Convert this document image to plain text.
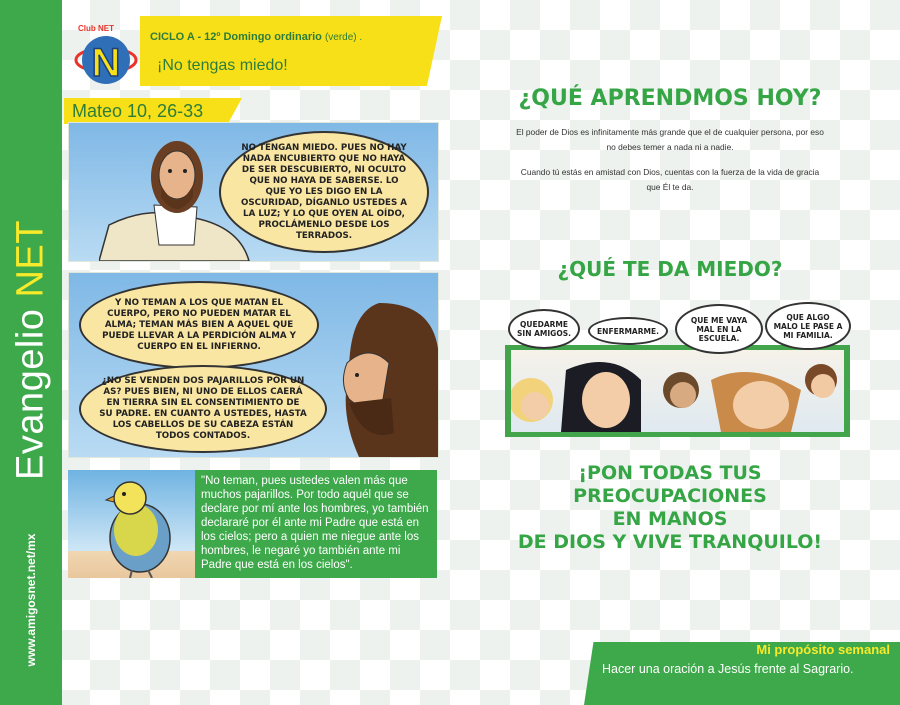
Evangelio NET
www.amigosnet.net/mx
N
Club NET
CICLO A - 12º Domingo ordinario (verde) .
¡No tengas miedo!
Mateo 10, 26-33
NO TENGAN MIEDO. PUES NO HAY NADA ENCUBIERTO QUE NO HAYA DE SER DESCUBIERTO, NI OCULTO QUE NO HAYA DE SABERSE. LO QUE YO LES DIGO EN LA OSCURIDAD, DÍGANLO USTEDES A LA LUZ; Y LO QUE OYEN AL OÍDO, PROCLÁMENLO DESDE LOS TERRADOS.
Y NO TEMAN A LOS QUE MATAN EL CUERPO, PERO NO PUEDEN MATAR EL ALMA; TEMAN MÁS BIEN A AQUEL QUE PUEDE LLEVAR A LA PERDICIÓN ALMA Y CUERPO EN EL INFIERNO.
¿NO SE VENDEN DOS PAJARILLOS POR UN AS? PUES BIEN, NI UNO DE ELLOS CAERÁ EN TIERRA SIN EL CONSENTIMIENTO DE SU PADRE. EN CUANTO A USTEDES, HASTA LOS CABELLOS DE SU CABEZA ESTÁN TODOS CONTADOS.
"No teman, pues ustedes valen más que muchos pajarillos. Por todo aquél que se declare por mí ante los hombres, yo también declararé por él ante mi Padre que está en los cielos; pero a quien me niegue ante los hombres, le negaré yo también ante mi Padre que está en los cielos".
¿QUÉ APRENDMOS HOY?
El poder de Dios es infinitamente más grande que el de cualquier persona, por eso no debes temer a nada ni a nadie.
Cuando tú estás en amistad con Dios, cuentas con la fuerza de la vida de gracia que Él te da.
¿QUÉ TE DA MIEDO?
QUEDARME SIN AMIGOS.	ENFERMARME.
QUE ME VAYA MAL EN LA ESCUELA.
QUE ALGO MALO LE PASE A MI FAMILIA.
¡PON TODAS TUS
PREOCUPACIONES
EN MANOS
DE DIOS Y VIVE TRANQUILO!
Mi propósito semanal
Hacer una oración a Jesús frente al Sagrario.
